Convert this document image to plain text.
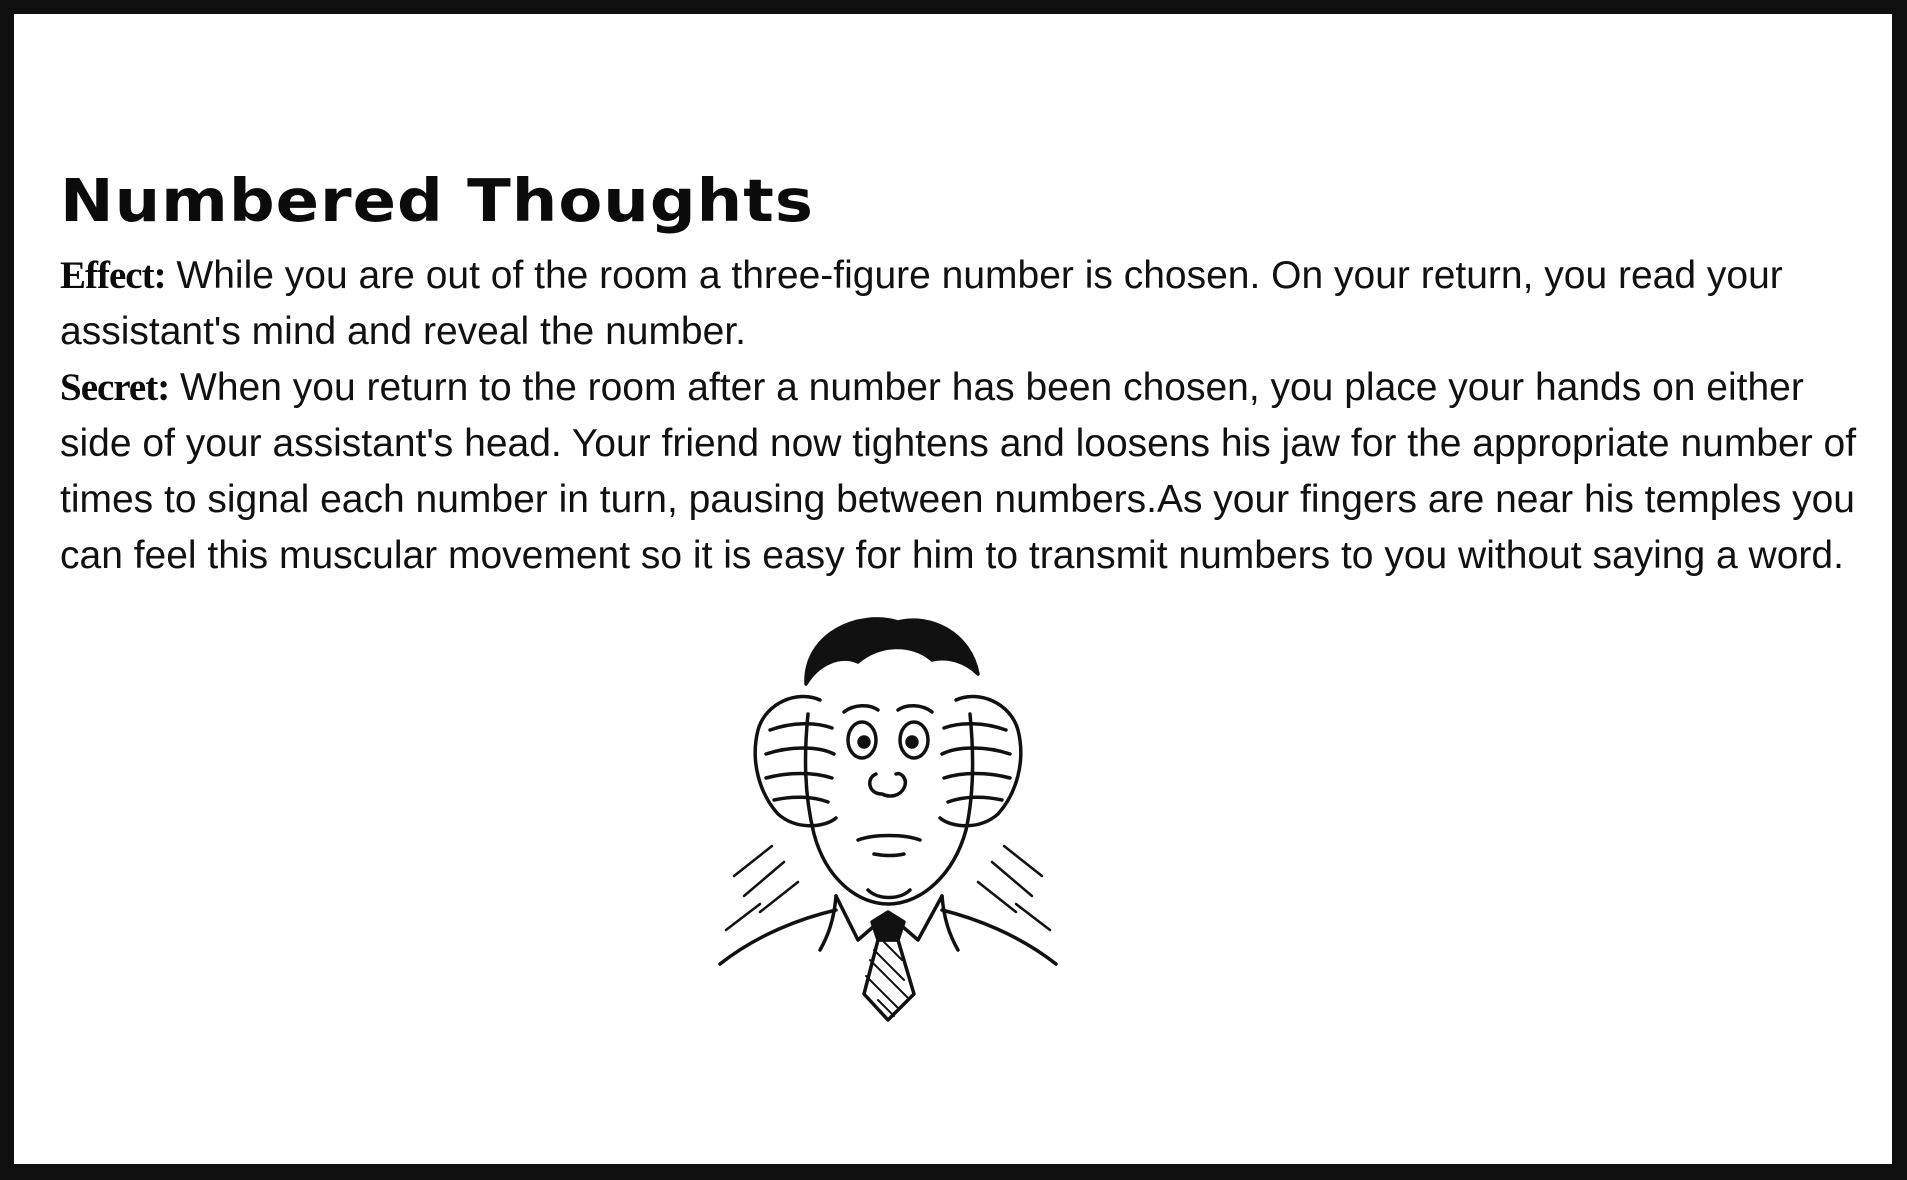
Numbered Thoughts

Effect: While you are out of the room a three-figure number is chosen. On your return, you read your assistant's mind and reveal the number.

Secret: When you return to the room after a number has been chosen, you place your hands on either side of your assistant's head. Your friend now tightens and loosens his jaw for the appropriate number of times to signal each number in turn, pausing between numbers.As your fingers are near his temples you can feel this muscular movement so it is easy for him to transmit numbers to you without saying a word.
